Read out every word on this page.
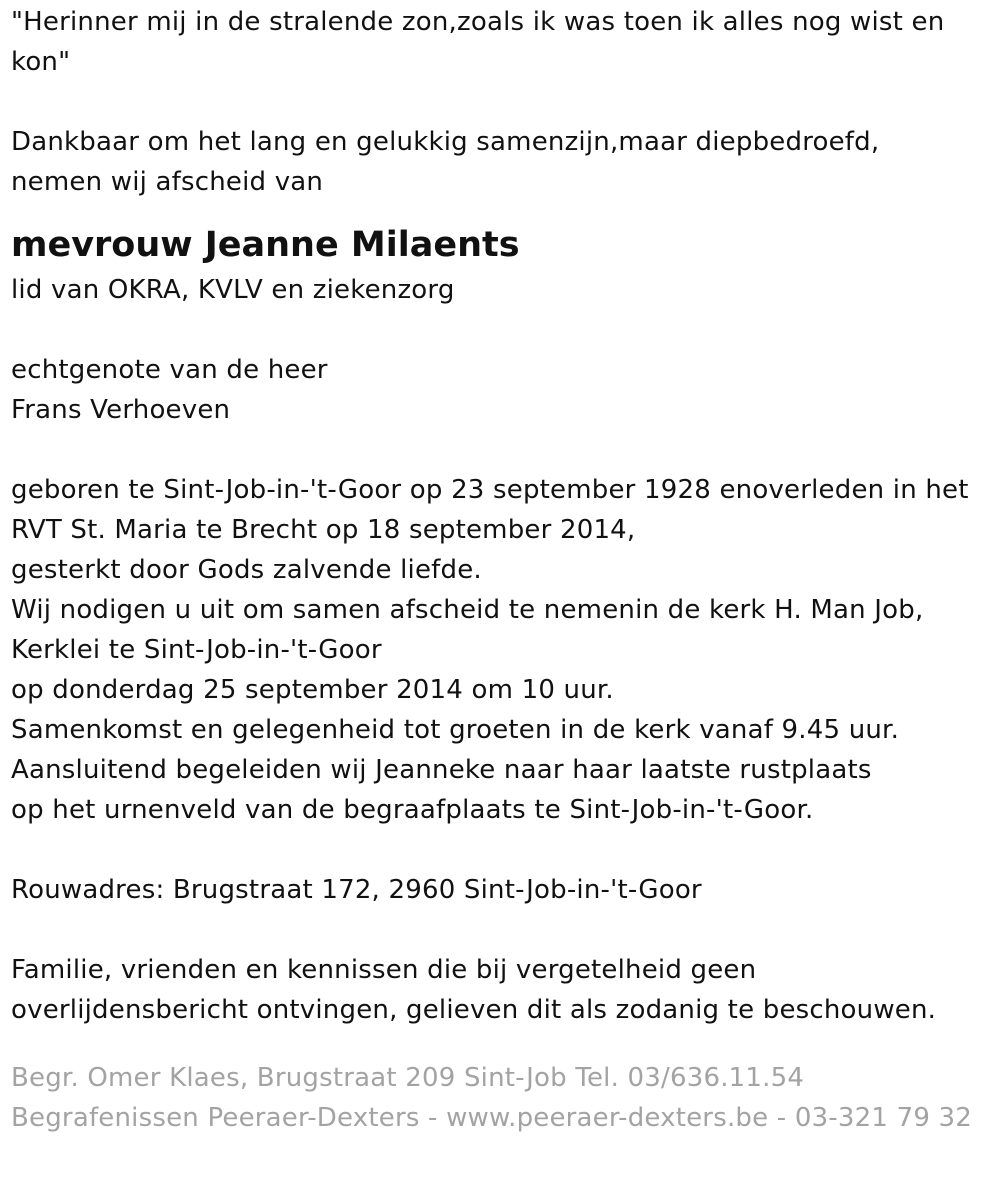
"Herinner mij in de stralende zon,zoals ik was toen ik alles nog wist en
kon"
Dankbaar om het lang en gelukkig samenzijn,maar diepbedroefd,
nemen wij afscheid van
mevrouw Jeanne Milaents
lid van OKRA, KVLV en ziekenzorg
echtgenote van de heer
Frans Verhoeven
geboren te Sint-Job-in-'t-Goor op 23 september 1928 enoverleden in het
RVT St. Maria te Brecht op 18 september 2014,
gesterkt door Gods zalvende liefde.
Wij nodigen u uit om samen afscheid te nemenin de kerk H. Man Job,
Kerklei te Sint-Job-in-'t-Goor
op donderdag 25 september 2014 om 10 uur.
Samenkomst en gelegenheid tot groeten in de kerk vanaf 9.45 uur.
Aansluitend begeleiden wij Jeanneke naar haar laatste rustplaats
op het urnenveld van de begraafplaats te Sint-Job-in-'t-Goor.
Rouwadres: Brugstraat 172, 2960 Sint-Job-in-'t-Goor
Familie, vrienden en kennissen die bij vergetelheid geen
overlijdensbericht ontvingen, gelieven dit als zodanig te beschouwen.
Begr. Omer Klaes, Brugstraat 209 Sint-Job Tel. 03/636.11.54
Begrafenissen Peeraer-Dexters - www.peeraer-dexters.be - 03-321 79 32
